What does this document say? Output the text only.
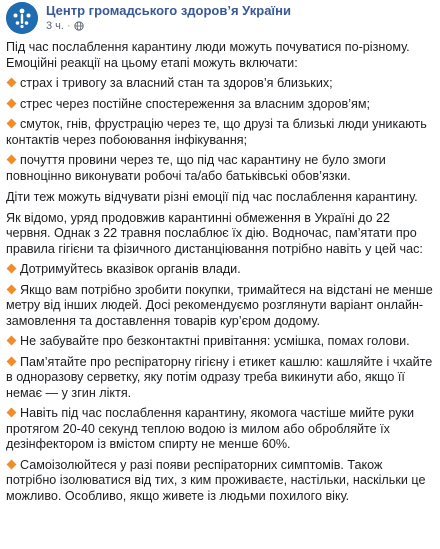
Центр громадського здоров’я України
3 ч. ·

Під час послаблення карантину люди можуть почуватися по-різному. Емоційні реакції на цьому етапі можуть включати:

страх і тривогу за власний стан та здоров’я близьких;

стрес через постійне спостереження за власним здоров’ям;

смуток, гнів, фрустрацію через те, що друзі та близькі люди уникають контактів через побоювання інфікування;

почуття провини через те, що під час карантину не було змоги повноцінно виконувати робочі та/або батьківські обов’язки.

Діти теж можуть відчувати різні емоції під час послаблення карантину.

Як відомо, уряд продовжив карантинні обмеження в Україні до 22 червня. Однак з 22 травня послаблює їх дію. Водночас, пам’ятати про правила гігієни та фізичного дистанціювання потрібно навіть у цей час:

Дотримуйтесь вказівок органів влади.

Якщо вам потрібно зробити покупки, тримайтеся на відстані не менше метру від інших людей. Досі рекомендуємо розглянути варіант онлайн-замовлення та доставлення товарів кур’єром додому.

Не забувайте про безконтактні привітання: усмішка, помах голови.

Пам’ятайте про респіраторну гігієну і етикет кашлю: кашляйте і чхайте в одноразову серветку, яку потім одразу треба викинути або, якщо її немає — у згин ліктя.

Навіть під час послаблення карантину, якомога частіше мийте руки протягом 20-40 секунд теплою водою із милом або обробляйте їх дезінфектором із вмістом спирту не менше 60%.

Самоізолюйтеся у разі появи респіраторних симптомів. Також потрібно ізолюватися від тих, з ким проживаєте, настільки, наскільки це можливо. Особливо, якщо живете із людьми похилого віку.
